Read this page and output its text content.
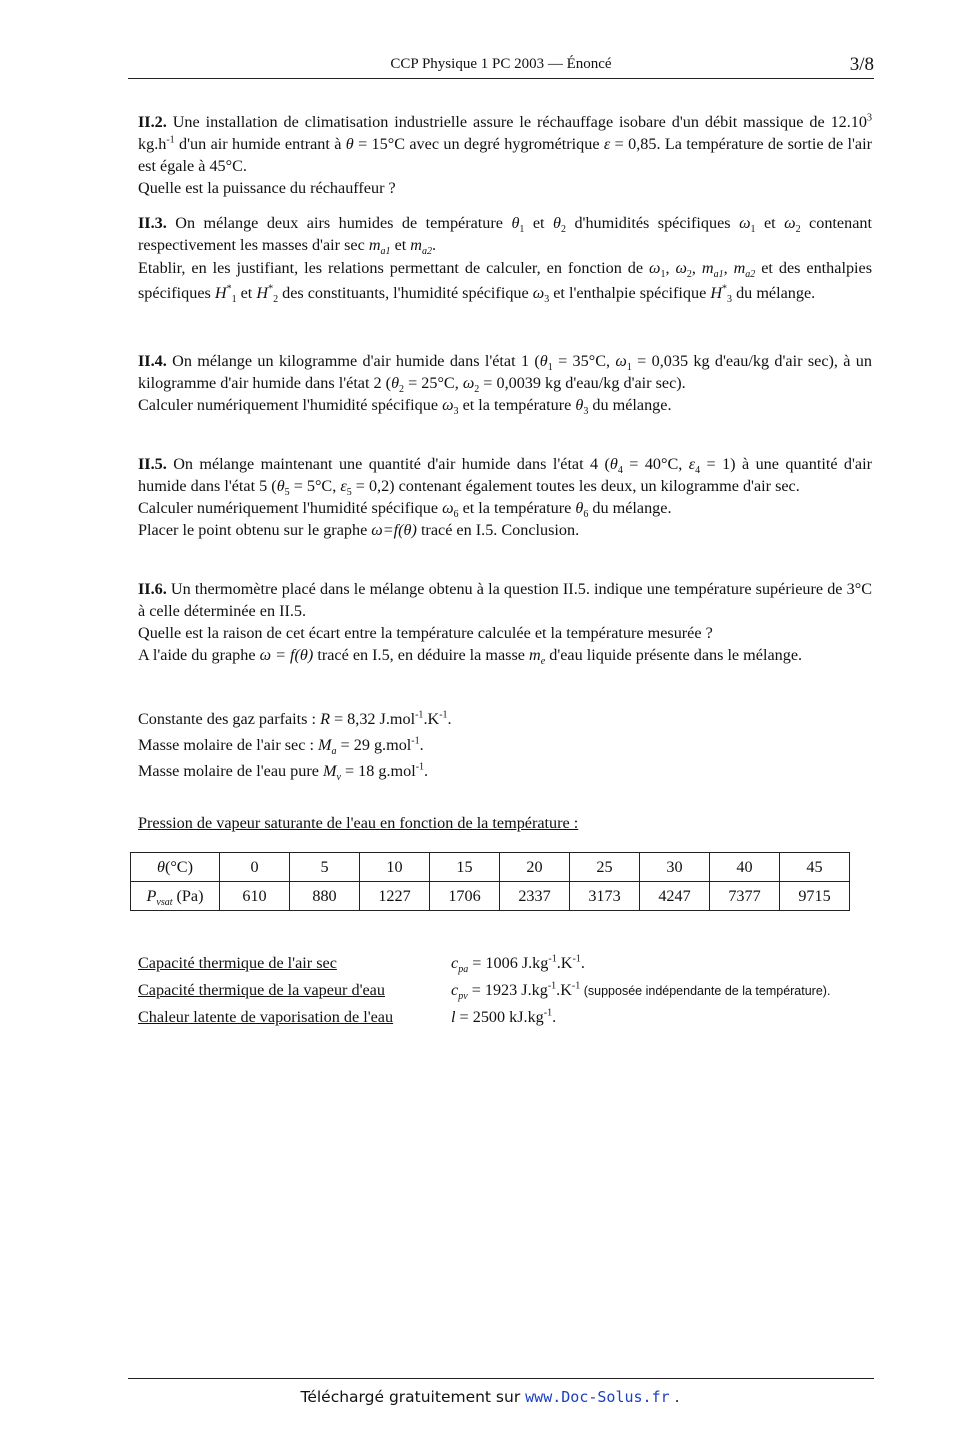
CCP Physique 1 PC 2003 — Énoncé	3/8

II.2. Une installation de climatisation industrielle assure le réchauffage isobare d'un débit massique de 12.10$^3$ $kg.h^{-1}$ d'un air humide entrant à θ = 15°C avec un degré hygrométrique ε = 0,85. La température de sortie de l'air est égale à 45°C.

Quelle est la puissance du réchauffeur ?

II.3. On mélange deux airs humides de température $\theta_1$ et $\theta_2$ d'humidités spécifiques $\omega_1$ et $\omega_2$ contenant respectivement les masses d'air $\sec m_{a1}$ et $m_{a2}$.

Etablir, en les justifiant, les relations permettant de calculer, en fonction de $\omega_1$, $\omega_2$, $m_{a1}$, $m_{a2}$ et des enthalpies spécifiques $H^*_1$ et $H^*_2$ des constituants, l'humidité spécifique $\omega_3$ et l'enthalpie spécifique $H^*_3$ du mélange.

II.4. On mélange un kilogramme d'air humide dans l'état 1 ($\theta_1 = 35^\circ C$, $\omega_1 = 0,035$ kg d'eau/kg d'air sec), à un kilogramme d'air humide dans l'état 2 ($\theta_2 = 25^\circ C$, $\omega_2 = 0,0039$ kg d'eau/kg d'air sec).

Calculer numériquement l'humidité spécifique $\omega_3$ et la température $\theta_3$ du mélange.

II.5. On mélange maintenant une quantité d'air humide dans l'état 4 ($\theta_4 = 40^\circ C$, $\varepsilon_4 = 1$) à une quantité d'air humide dans l'état 5 ($\theta_5 = 5^\circ C$, $\varepsilon_5 = 0,2$) contenant également toutes les deux, un kilogramme d'air sec.

Calculer numériquement l'humidité spécifique $\omega_6$ et la température $\theta_6$ du mélange.

Placer le point obtenu sur le graphe ω=f(θ) tracé en I.5. Conclusion.

II.6. Un thermomètre placé dans le mélange obtenu à la question II.5. indique une température supérieure de 3°C à celle déterminée en II.5.

Quelle est la raison de cet écart entre la température calculée et la température mesurée ?

A l'aide du graphe ω = f(θ) tracé en I.5, en déduire la masse $m_e$ d'eau liquide présente dans le mélange.

Constante des gaz parfaits : R = 8,32 $J.mol^{-1}.K^{-1}$.

Masse molaire de l'air sec : $M_a = 29$ g.mol$^{-1}$.

Masse molaire de l'eau pure $M_v = 18$ g.mol$^{-1}$.

Pression de vapeur saturante de l'eau en fonction de la température :
θ(°C)	0	5	10	15	20	25	30	40	45
$P_{vsat}$ (Pa)	610	880	1227	1706	2337	3173	4247	7377	9715
Capacité thermique de l'air sec	$c_{pa} = 1006$ $J.kg^{-1}.K^{-1}$.
Capacité thermique de la vapeur d'eau	$c_{pv} = 1923$ $J.kg^{-1}.K^{-1}$ (supposée indépendante de la température).
Chaleur latente de vaporisation de l'eau	l = 2500 $kJ.kg^{-1}$.
Téléchargé gratuitement sur www.Doc-Solus.fr .
